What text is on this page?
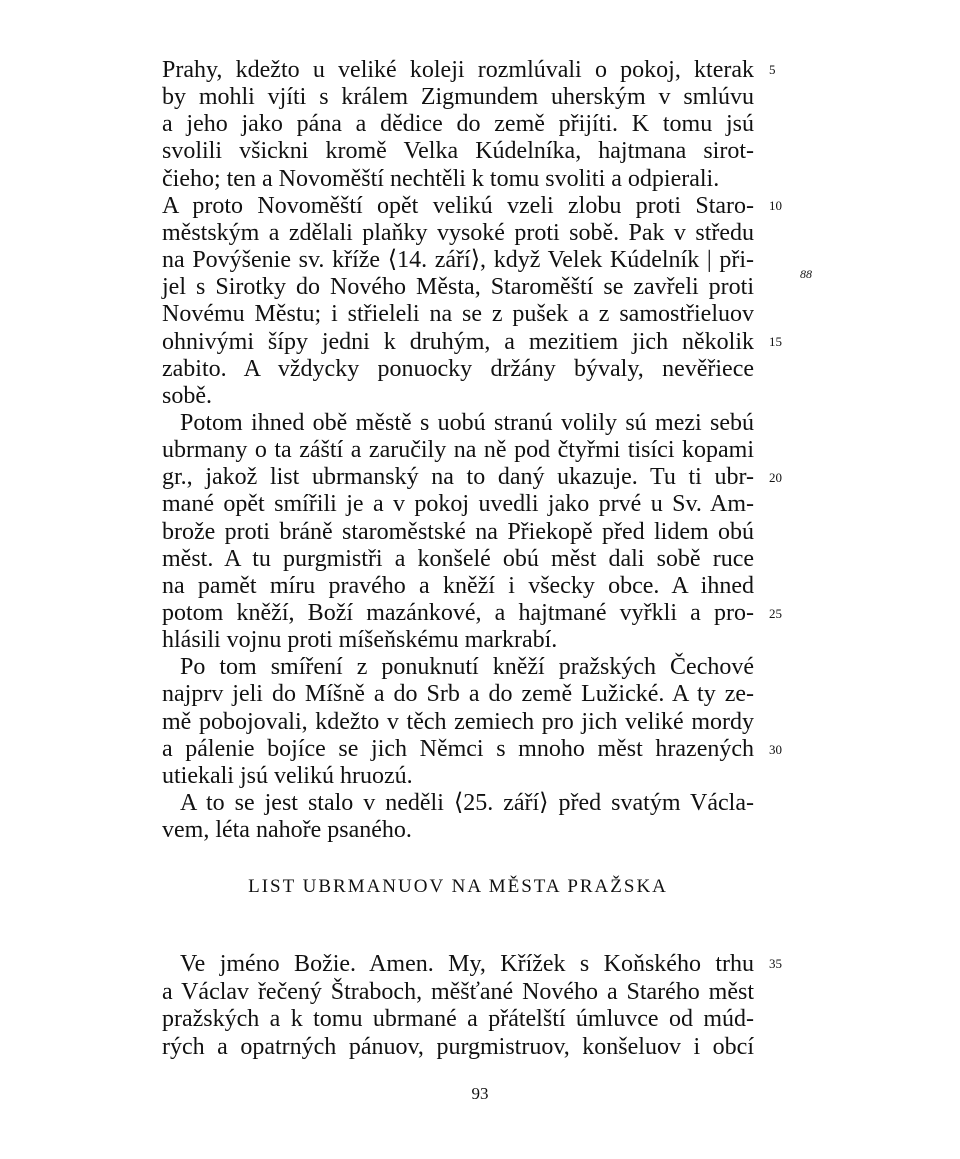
Prahy, kdežto u veliké koleji rozmlúvali o pokoj, kterak
by mohli vjíti s králem Zigmundem uherským v smlúvu
a jeho jako pána a dědice do země přijíti. K tomu jsú
svolili všickni kromě Velka Kúdelníka, hajtmana sirot-
čieho; ten a Novoměští nechtěli k tomu svoliti a odpierali.
A proto Novoměští opět velikú vzeli zlobu proti Staro-
městským a zdělali plaňky vysoké proti sobě. Pak v středu
na Povýšenie sv. kříže ⟨14. září⟩, když Velek Kúdelník | při-
jel s Sirotky do Nového Města, Staroměští se zavřeli proti
Novému Městu; i střieleli na se z pušek a z samostřieluov
ohnivými šípy jedni k druhým, a mezitiem jich několik
zabito. A vždycky ponuocky držány bývaly, nevěřiece
sobě.
Potom ihned obě městě s uobú stranú volily sú mezi sebú
ubrmany o ta záští a zaručily na ně pod čtyřmi tisíci kopami
gr., jakož list ubrmanský na to daný ukazuje. Tu ti ubr-
mané opět smířili je a v pokoj uvedli jako prvé u Sv. Am-
brože proti bráně staroměstské na Přiekopě před lidem obú
měst. A tu purgmistři a konšelé obú měst dali sobě ruce
na pamět míru pravého a kněží i všecky obce. A ihned
potom kněží, Boží mazánkové, a hajtmané vyřkli a pro-
hlásili vojnu proti míšeňskému markrabí.
Po tom smíření z ponuknutí kněží pražských Čechové
najprv jeli do Míšně a do Srb a do země Lužické. A ty ze-
mě pobojovali, kdežto v těch zemiech pro jich veliké mordy
a pálenie bojíce se jich Němci s mnoho měst hrazených
utiekali jsú velikú hruozú.
A to se jest stalo v neděli ⟨25. září⟩ před svatým Václa-
vem, léta nahoře psaného.
LIST UBRMANUOV NA MĚSTA PRAŽSKA
Ve jméno Božie. Amen. My, Křížek s Koňského trhu
a Václav řečený Štraboch, měšťané Nového a Starého měst
pražských a k tomu ubrmané a přátelští úmluvce od múd-
rých a opatrných pánuov, purgmistruov, konšeluov i obcí
5
10
15
20
25
30
35
88
93
